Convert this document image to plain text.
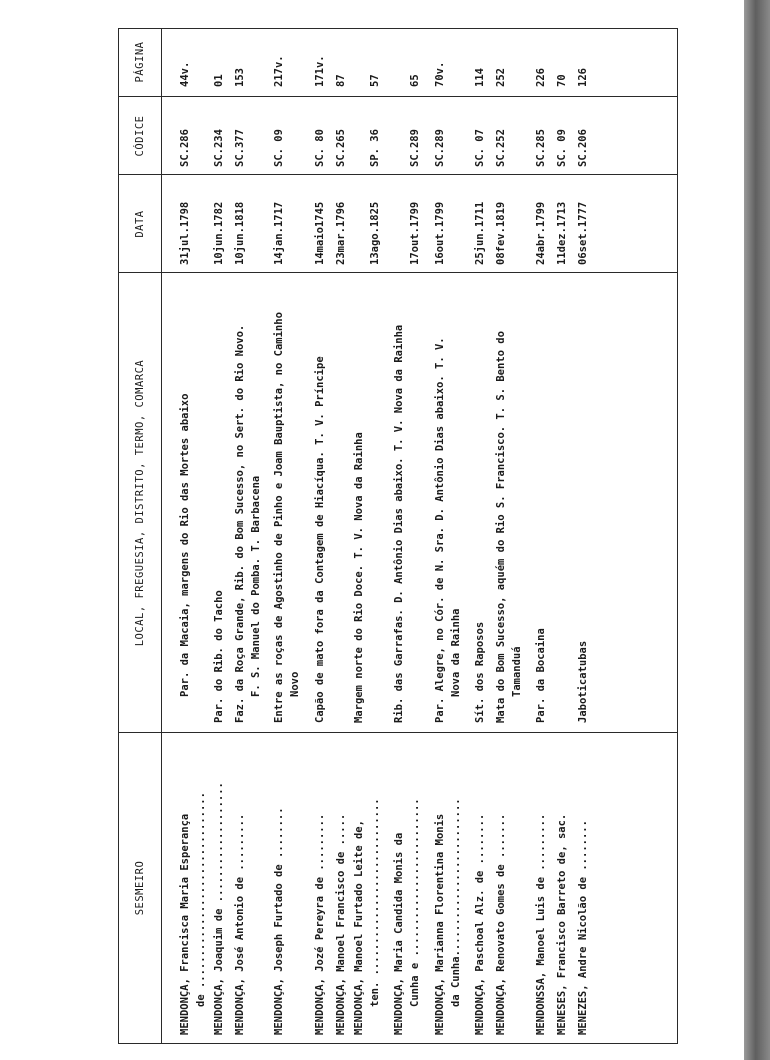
SESMEIRO
LOCAL, FREGUESIA, DISTRITO, TERMO, COMARCA
DATA
CÓDICE
PÁGINA
MENDONÇA, Francisca Maria Esperança de ...............................
Par. da Macaia, margens do Rio das Mortes abaixo
31jul.1798
SC.286
44v.
MENDONÇA, Joaquim de ...................
Par. do Rib. do Tacho
10jun.1782
SC.234
01
MENDONÇA, José Antonio de .........
Faz. da Roça Grande, Rib. do Bom Sucesso, no Sert. do Rio Novo. F. S. Manuel do Pomba. T. Barbacena
10jun.1818
SC.377
153
MENDONÇA, Joseph Furtado de ........
Entre as roças de Agostinho de Pinho e Joam Bauptista, no Caminho Novo
14jan.1717
SC. 09
217v.
MENDONÇA, Jozé Pereyra de .........
Capão de mato fora da Contagem de Hiacíqua. T. V. Príncipe
14maio1745
SC. 80
171v.
MENDONÇA, Manoel Francisco de .....
23mar.1796
SC.265
87
MENDONÇA, Manoel Furtado Leite de, ten. ............................
Margem norte do Rio Doce. T. V. Nova da Rainha
13ago.1825
SP. 36
57
MENDONÇA, Maria Candida Monis da Cunha e .........................
Rib. das Garrafas. D. Antônio Dias abaixo. T. V. Nova da Rainha
17out.1799
SC.289
65
MENDONÇA, Marianna Florentina Monis da Cunha.........................
Par. Alegre, no Cór. de N. Sra. D. Antônio Dias abaixo. T. V. Nova da Rainha
16out.1799
SC.289
70v.
MENDONÇA, Paschoal Alz. de ........
Sít. dos Raposos
25jun.1711
SC. 07
114
MENDONÇA, Renovato Gomes de .......
Mata do Bom Sucesso, aquém do Rio S. Francisco. T. S. Bento do Tamanduá
08fev.1819
SC.252
252
MENDONSSA, Manoel Luis de .........
Par. da Bocaina
24abr.1799
SC.285
226
MENESES, Francisco Barreto de, sac.
11dez.1713
SC. 09
70
MENEZES, Andre Nicolão de ........
Jaboticatubas
06set.1777
SC.206
126
